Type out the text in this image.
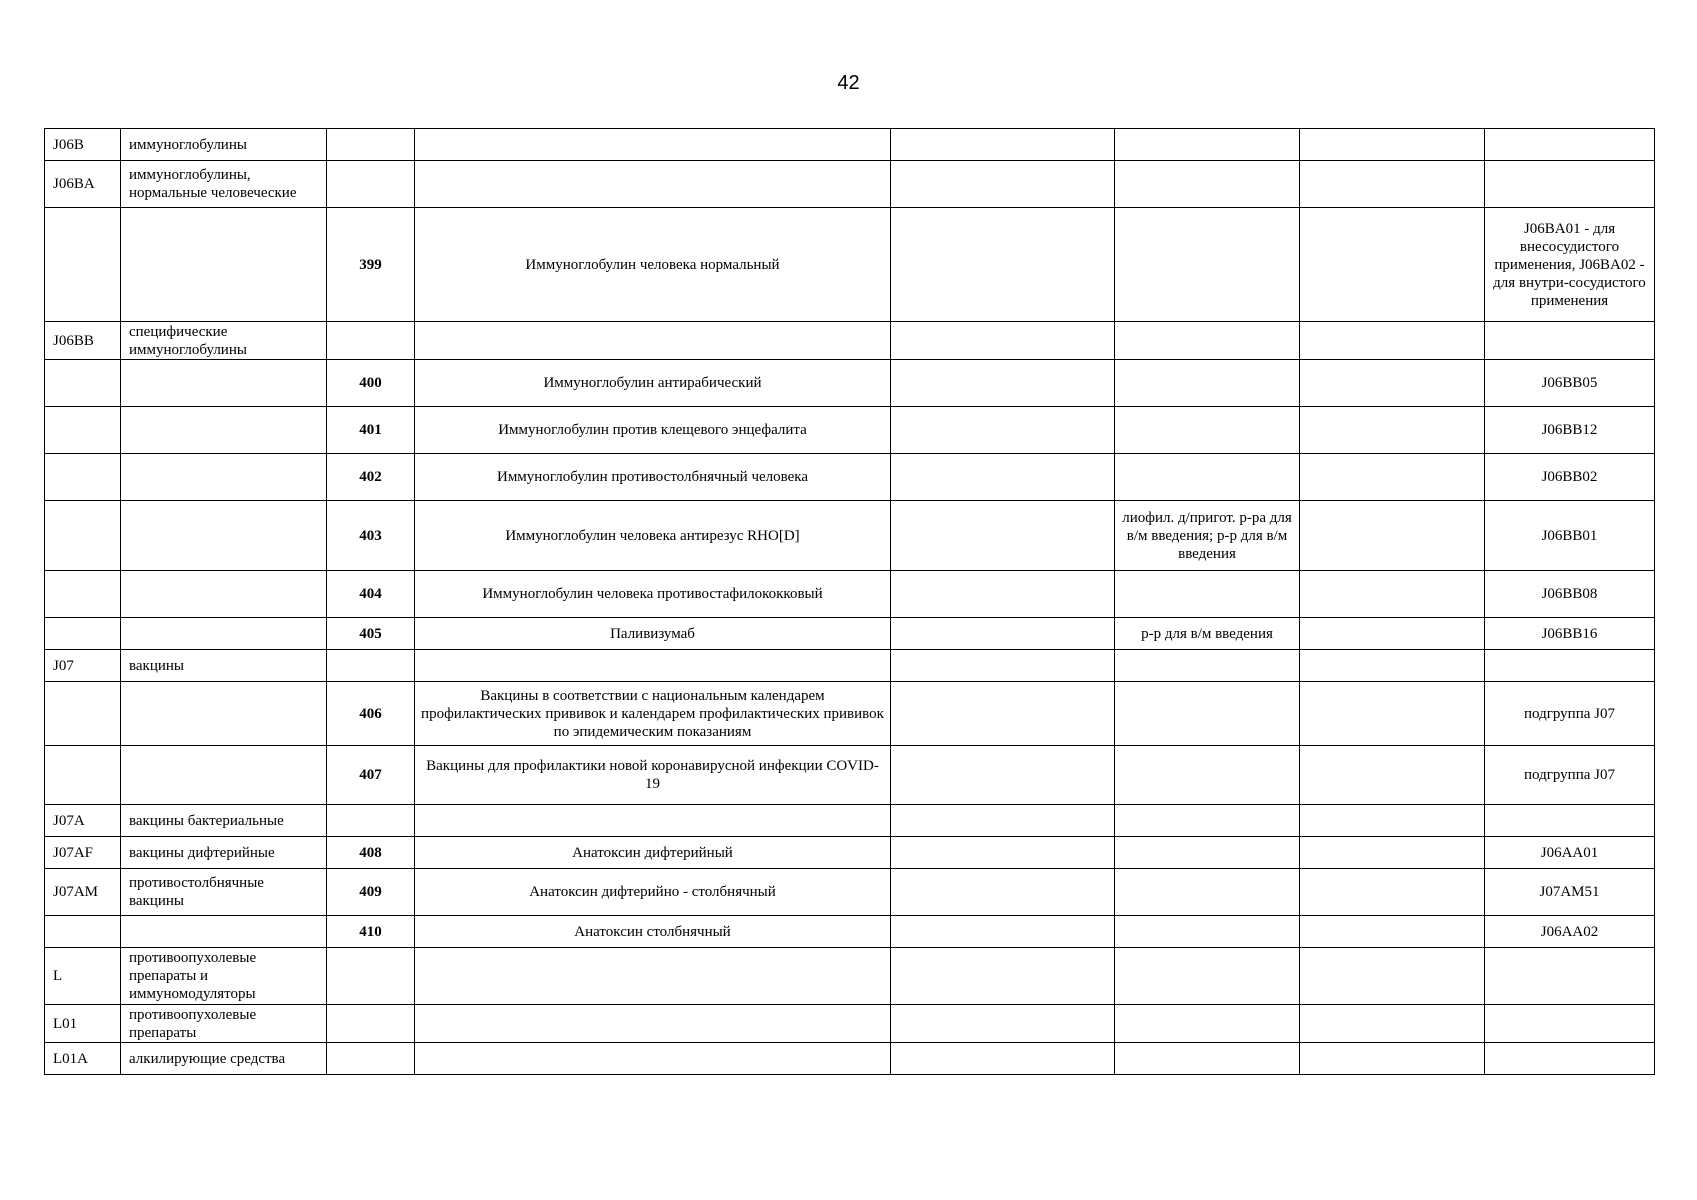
42
J06B	иммуноглобулины						
J06BA	иммуноглобулины, нормальные человеческие						
		399	Иммуноглобулин человека нормальный				J06BA01 - для внесосудистого применения, J06BA02 - для внутри-сосудистого применения
J06BB	специфические иммуноглобулины						
		400	Иммуноглобулин антирабический				J06BB05
		401	Иммуноглобулин против клещевого энцефалита				J06BB12
		402	Иммуноглобулин противостолбнячный человека				J06BB02
		403	Иммуноглобулин человека антирезус RHO[D]		лиофил. д/пригот. р-ра для в/м введения; р-р для в/м введения		J06BB01
		404	Иммуноглобулин человека противостафилококковый				J06BB08
		405	Паливизумаб		р-р для в/м введения		J06BB16
J07	вакцины						
		406	Вакцины в соответствии с национальным календарем профилактических прививок и календарем профилактических прививок по эпидемическим показаниям				подгруппа J07
		407	Вакцины для профилактики новой коронавирусной инфекции COVID-19				подгруппа J07
J07A	вакцины бактериальные						
J07AF	вакцины дифтерийные	408	Анатоксин дифтерийный				J06AA01
J07AM	противостолбнячные вакцины	409	Анатоксин дифтерийно - столбнячный				J07AM51
		410	Анатоксин столбнячный				J06AA02
L	противоопухолевые препараты и иммуномодуляторы						
L01	противоопухолевые препараты						
L01A	алкилирующие средства						
